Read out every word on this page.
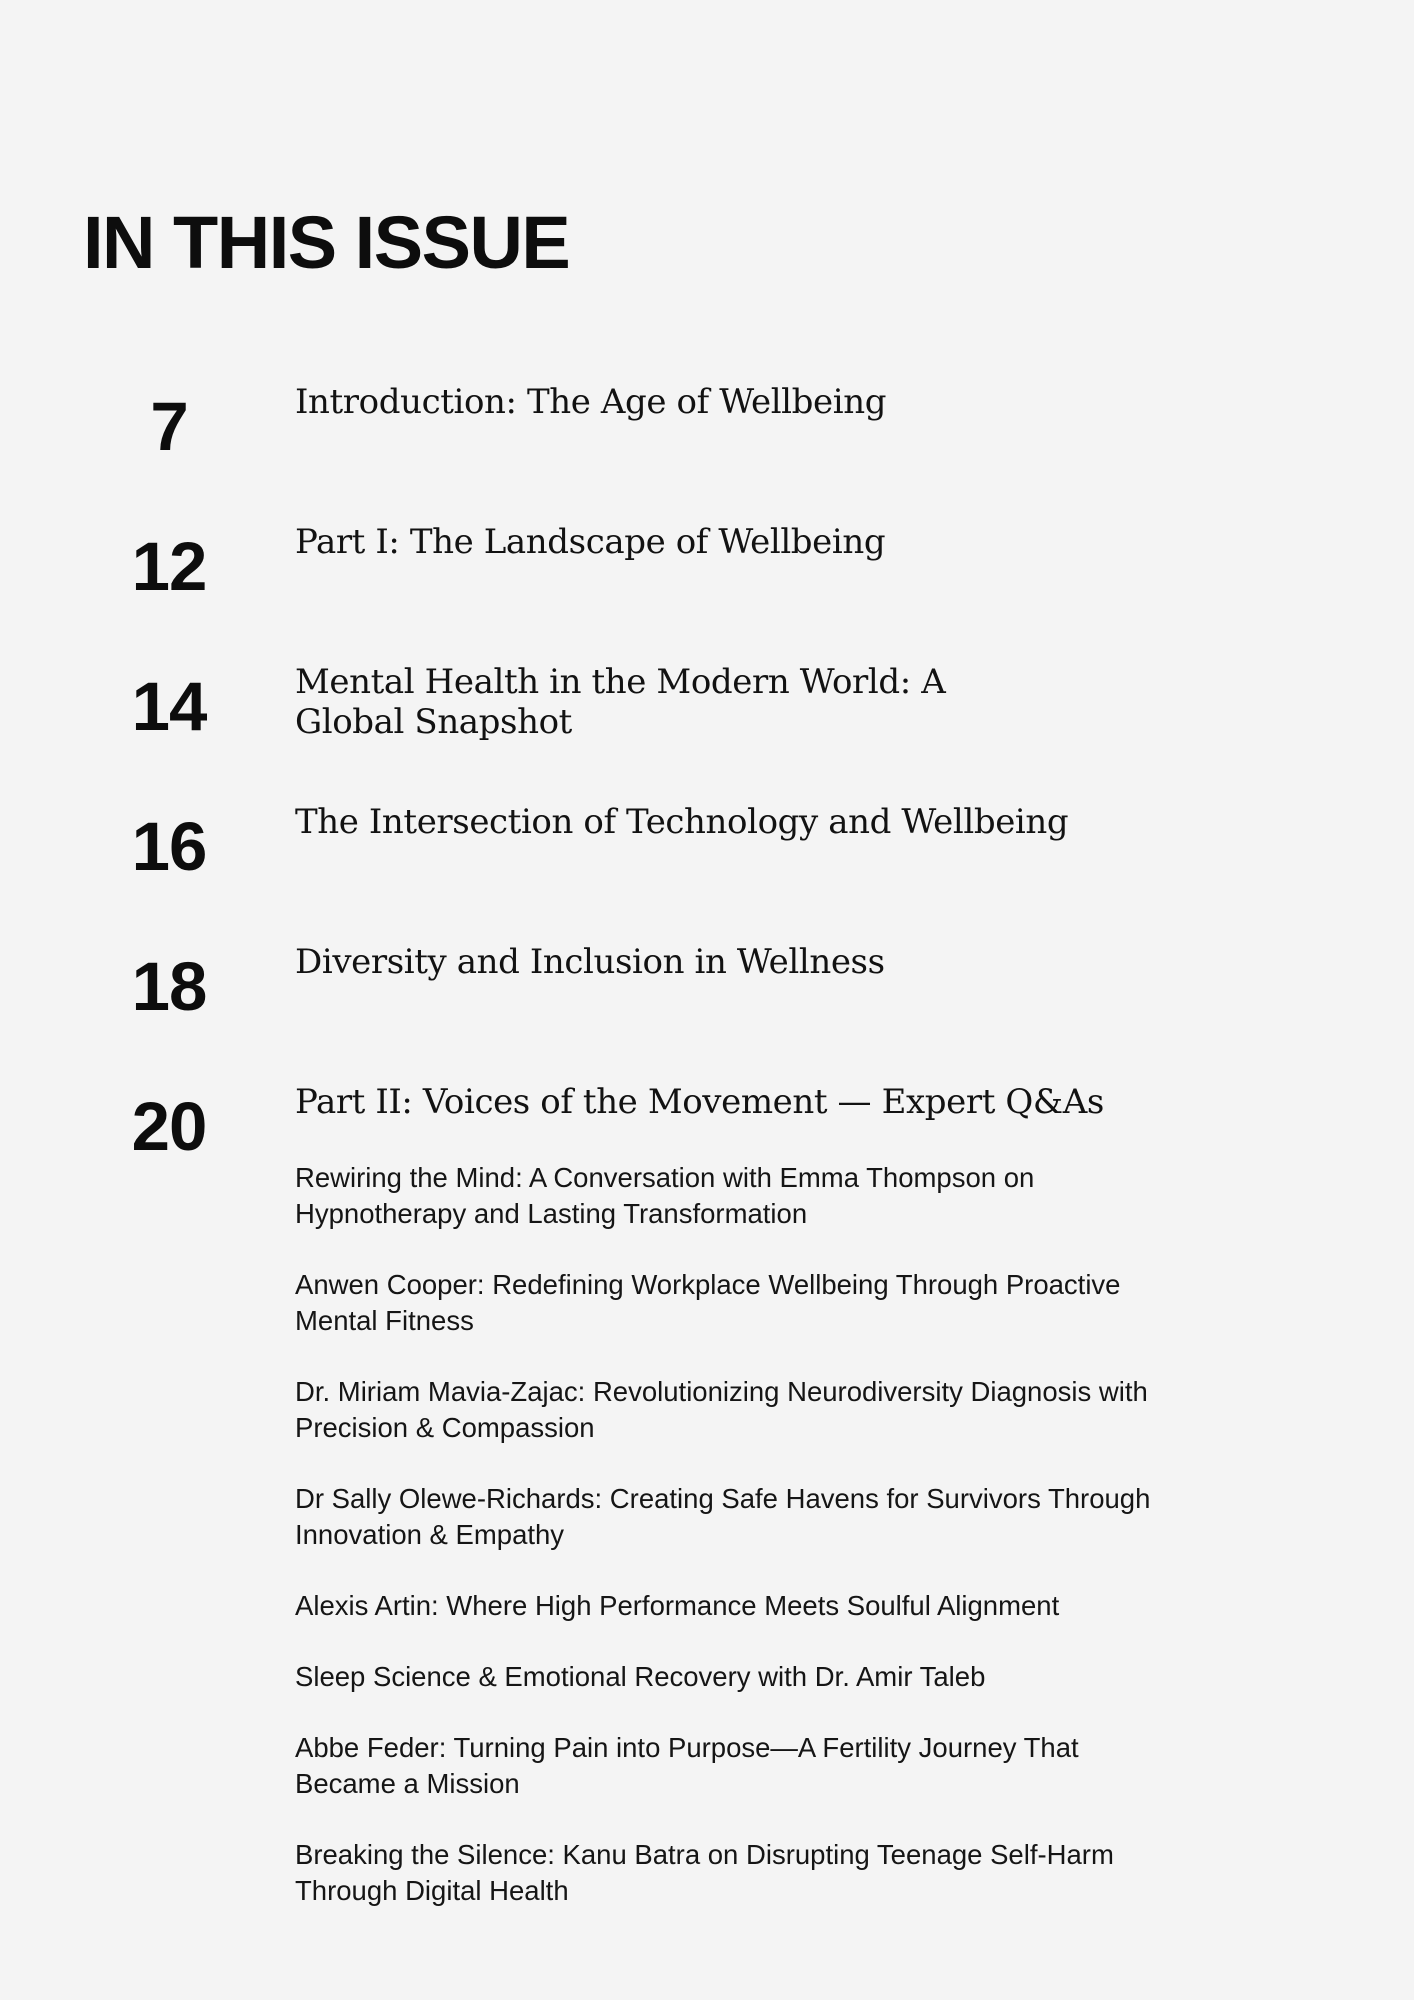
IN THIS ISSUE
7	Introduction: The Age of Wellbeing
12	Part I: The Landscape of Wellbeing
14	Mental Health in the Modern World: A Global Snapshot
16	The Intersection of Technology and Wellbeing
18	Diversity and Inclusion in Wellness
20	Part II: Voices of the Movement — Expert Q&As
Rewiring the Mind: A Conversation with Emma Thompson on Hypnotherapy and Lasting Transformation
Anwen Cooper: Redefining Workplace Wellbeing Through Proactive Mental Fitness
Dr. Miriam Mavia-Zajac: Revolutionizing Neurodiversity Diagnosis with Precision & Compassion
Dr Sally Olewe-Richards: Creating Safe Havens for Survivors Through Innovation & Empathy
Alexis Artin: Where High Performance Meets Soulful Alignment
Sleep Science & Emotional Recovery with Dr. Amir Taleb
Abbe Feder: Turning Pain into Purpose—A Fertility Journey That Became a Mission
Breaking the Silence: Kanu Batra on Disrupting Teenage Self-Harm Through Digital Health
